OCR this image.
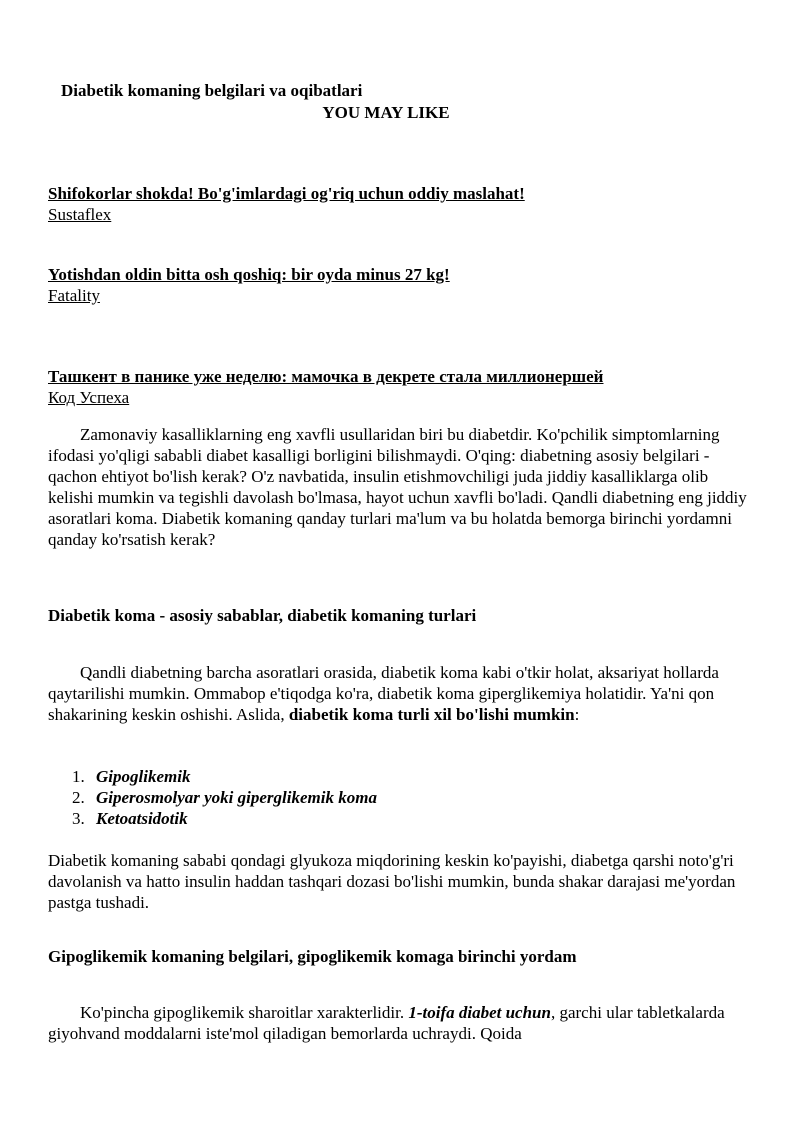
Diabetik komaning belgilari va oqibatlari
YOU MAY LIKE
Shifokorlar shokda! Bo'g'imlardagi og'riq uchun oddiy maslahat!
Sustaflex
Yotishdan oldin bitta osh qoshiq: bir oyda minus 27 kg!
Fatality
Ташкент в панике уже неделю: мамочка в декрете стала миллионершей
Код Успеха

Zamonaviy kasalliklarning eng xavfli usullaridan biri bu diabetdir. Ko'pchilik simptomlarning ifodasi yo'qligi sababli diabet kasalligi borligini bilishmaydi. O'qing: diabetning asosiy belgilari - qachon ehtiyot bo'lish kerak? O'z navbatida, insulin etishmovchiligi juda jiddiy kasalliklarga olib kelishi mumkin va tegishli davolash bo'lmasa, hayot uchun xavfli bo'ladi. Qandli diabetning eng jiddiy asoratlari koma. Diabetik komaning qanday turlari ma'lum va bu holatda bemorga birinchi yordamni qanday ko'rsatish kerak?

Diabetik koma - asosiy sabablar, diabetik komaning turlari

Qandli diabetning barcha asoratlari orasida, diabetik koma kabi o'tkir holat, aksariyat hollarda qaytarilishi mumkin. Ommabop e'tiqodga ko'ra, diabetik koma giperglikemiya holatidir. Ya'ni qon shakarining keskin oshishi. Aslida, diabetik koma turli xil bo'lishi mumkin:

1. Gipoglikemik
2. Giperosmolyar yoki giperglikemik koma
3. Ketoatsidotik

Diabetik komaning sababi qondagi glyukoza miqdorining keskin ko'payishi, diabetga qarshi noto'g'ri davolanish va hatto insulin haddan tashqari dozasi bo'lishi mumkin, bunda shakar darajasi me'yordan pastga tushadi.

Gipoglikemik komaning belgilari, gipoglikemik komaga birinchi yordam

Ko'pincha gipoglikemik sharoitlar xarakterlidir. 1-toifa diabet uchun, garchi ular tabletkalarda giyohvand moddalarni iste'mol qiladigan bemorlarda uchraydi. Qoida
